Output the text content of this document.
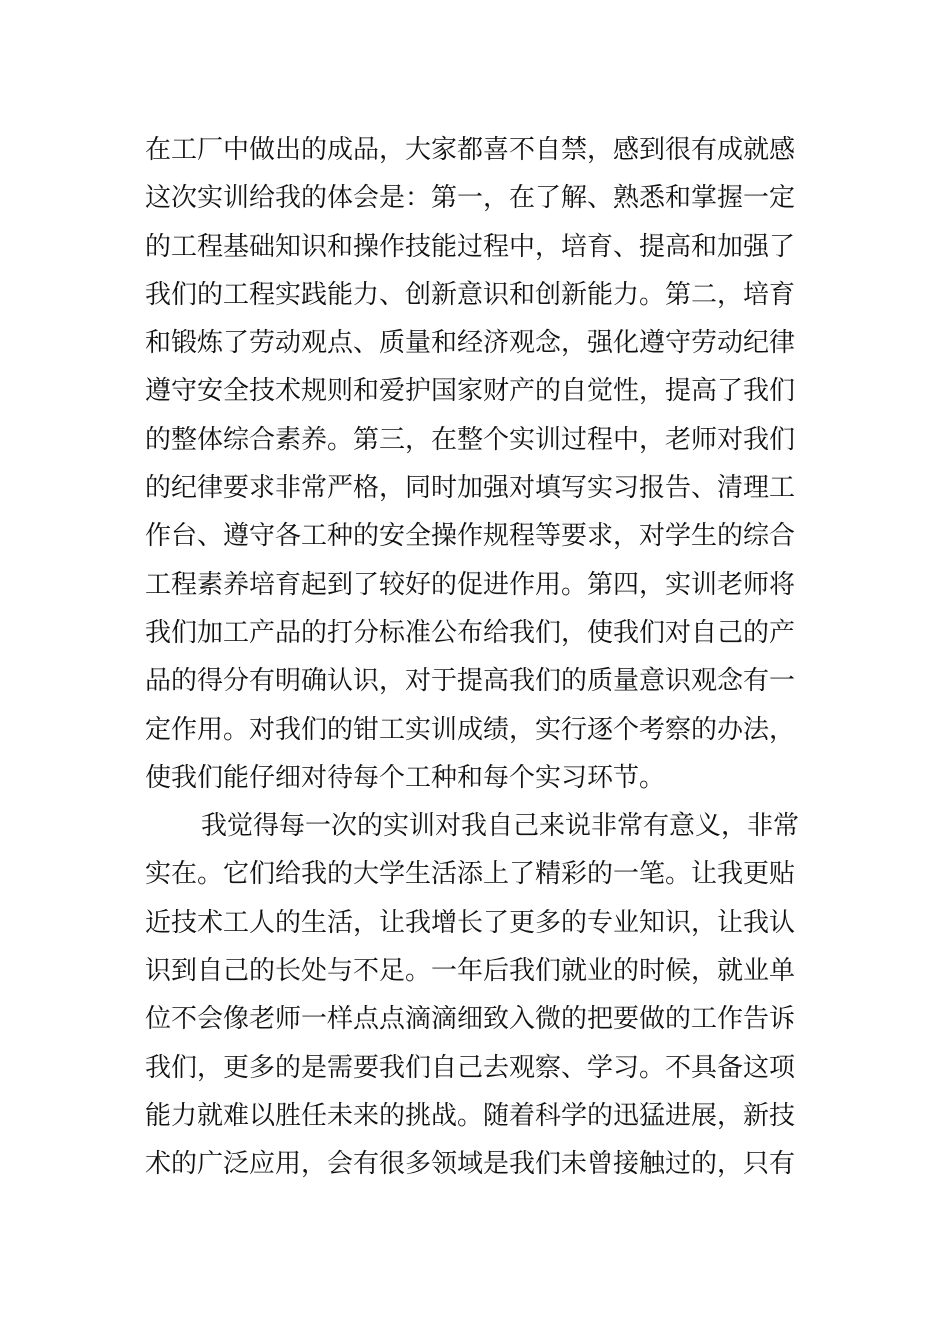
在工厂中做出的成品，大家都喜不自禁，感到很有成就感
这次实训给我的体会是：第一，在了解、熟悉和掌握一定
的工程基础知识和操作技能过程中，培育、提高和加强了
我们的工程实践能力、创新意识和创新能力。第二，培育
和锻炼了劳动观点、质量和经济观念，强化遵守劳动纪律
遵守安全技术规则和爱护国家财产的自觉性，提高了我们
的整体综合素养。第三，在整个实训过程中，老师对我们
的纪律要求非常严格，同时加强对填写实习报告、清理工
作台、遵守各工种的安全操作规程等要求，对学生的综合
工程素养培育起到了较好的促进作用。第四，实训老师将
我们加工产品的打分标准公布给我们，使我们对自己的产
品的得分有明确认识，对于提高我们的质量意识观念有一
定作用。对我们的钳工实训成绩，实行逐个考察的办法，
使我们能仔细对待每个工种和每个实习环节。
我觉得每一次的实训对我自己来说非常有意义，非常
实在。它们给我的大学生活添上了精彩的一笔。让我更贴
近技术工人的生活，让我增长了更多的专业知识，让我认
识到自己的长处与不足。一年后我们就业的时候，就业单
位不会像老师一样点点滴滴细致入微的把要做的工作告诉
我们，更多的是需要我们自己去观察、学习。不具备这项
能力就难以胜任未来的挑战。随着科学的迅猛进展，新技
术的广泛应用，会有很多领域是我们未曾接触过的，只有
